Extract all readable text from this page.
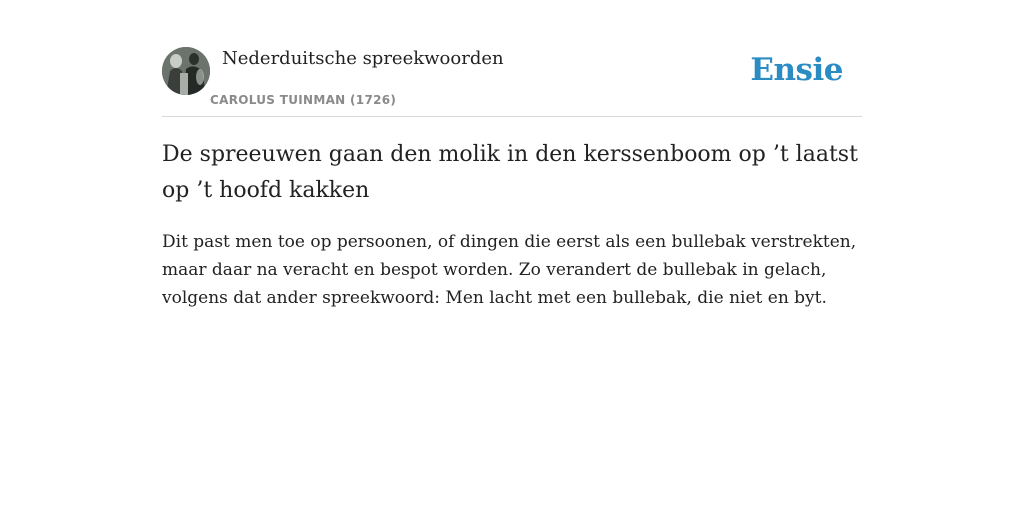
Nederduitsche spreekwoorden
CAROLUS TUINMAN (1726)
Ensie
De spreeuwen gaan den molik in den kerssenboom op ’t laatst op ’t hoofd kakken

Dit past men toe op persoonen, of dingen die eerst als een bullebak verstrekten, maar daar na veracht en bespot worden. Zo verandert de bullebak in gelach, volgens dat ander spreekwoord: Men lacht met een bullebak, die niet en byt.
